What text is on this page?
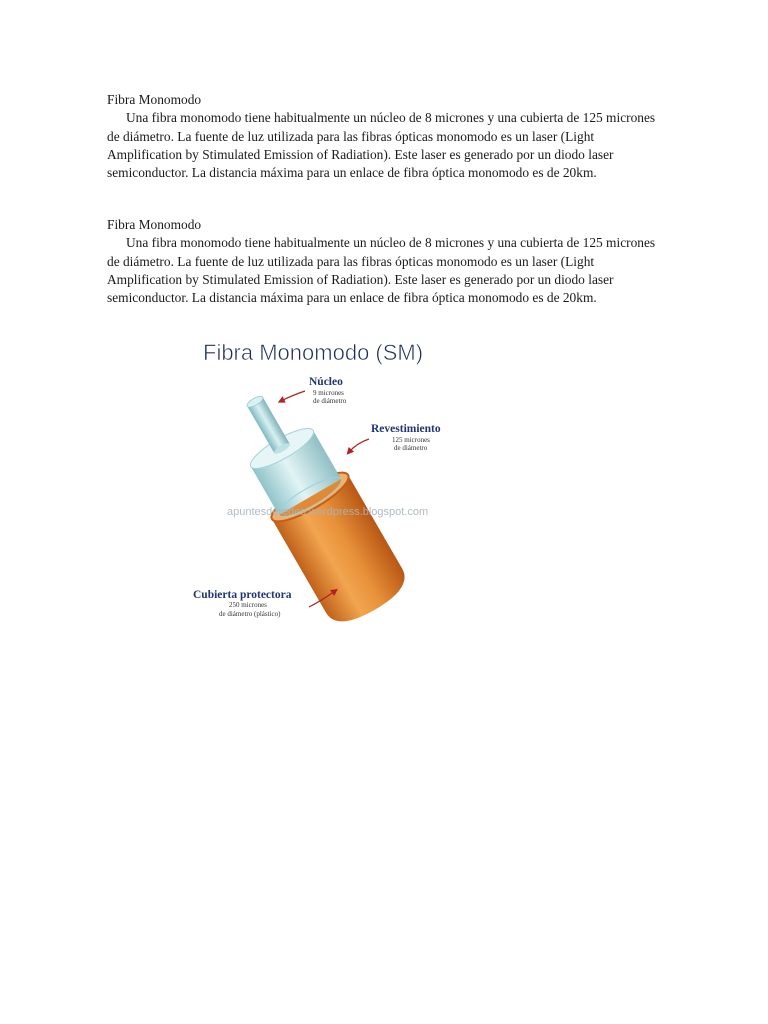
Fibra Monomodo

Una fibra monomodo tiene habitualmente un núcleo de 8 micrones y una cubierta de 125 micrones de diámetro. La fuente de luz utilizada para las fibras ópticas monomodo es un laser (Light Amplification by Stimulated Emission of Radiation). Este laser es generado por un diodo laser semiconductor. La distancia máxima para un enlace de fibra óptica monomodo es de 20km.

Fibra Monomodo

Una fibra monomodo tiene habitualmente un núcleo de 8 micrones y una cubierta de 125 micrones de diámetro. La fuente de luz utilizada para las fibras ópticas monomodo es un laser (Light Amplification by Stimulated Emission of Radiation). Este laser es generado por un diodo laser semiconductor. La distancia máxima para un enlace de fibra óptica monomodo es de 20km.

Fibra Monomodo (SM)
apuntesderedes.wordpress.blogspot.com
Núcleo
9 micrones
de diámetro
Revestimiento
125 micrones
de diámetro
Cubierta protectora
250 micrones
de diámetro (plástico)
